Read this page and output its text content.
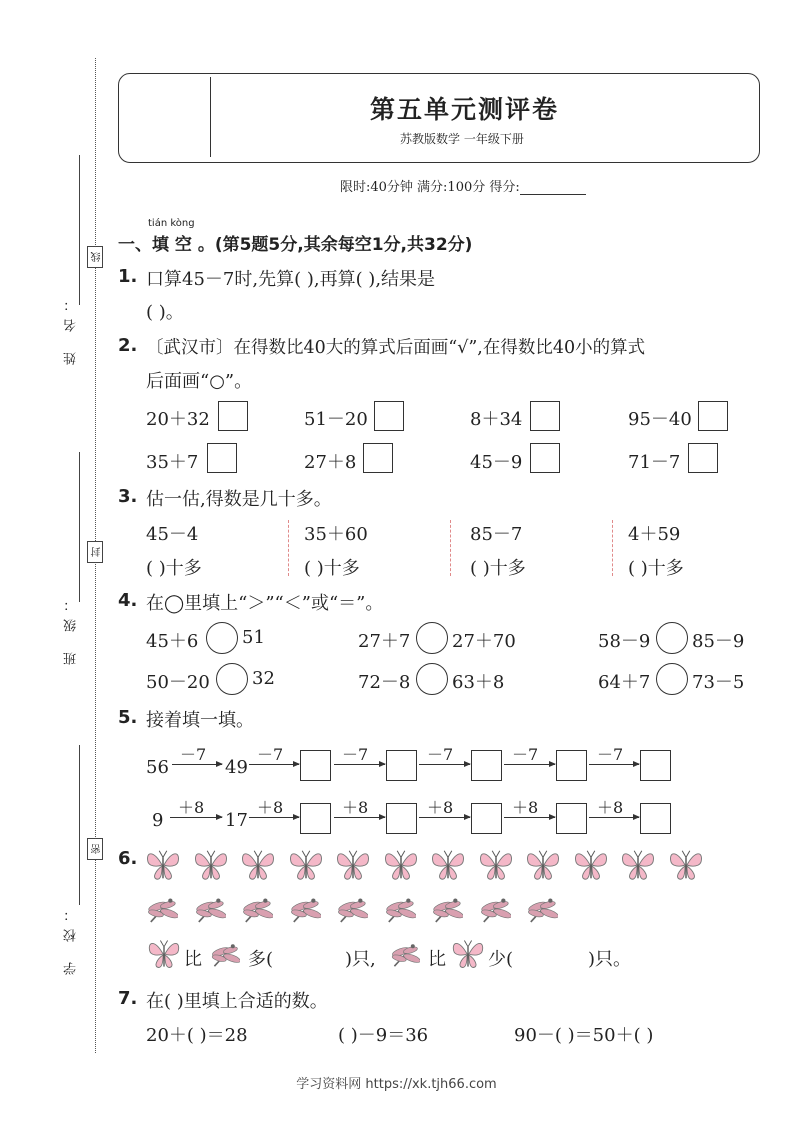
姓 名：
班 级：
学 校：
线
封
密
第五单元测评卷
苏教版数学 一年级下册
限时:40分钟 满分:100分 得分:
tián kòng
一、填 空 。(第5题5分,其余每空1分,共32分)
1. 口算45－7时,先算( ),再算( ),结果是
( )。
2. 〔武汉市〕在得数比40大的算式后面画“√”,在得数比40小的算式
后面画“○”。
20＋32	51－20	8＋34	95－40
35＋7	27＋8	45－9	71－7
3. 估一估,得数是几十多。
45－4	35＋60	85－7	4＋59
( )十多	( )十多	( )十多	( )十多
4. 在◯里填上“＞”“＜”或“＝”。
45＋6 51	27＋7 27＋70	58－9 85－9
50－20 32	72－8 63＋8	64＋7 73－5
5. 接着填一填。
56	49
－7	－7	－7	－7	－7	－7
9	17
＋8	＋8	＋8	＋8	＋8	＋8
6.
比	多(	)只,	比 少(	)只。
7. 在( )里填上合适的数。
20＋( )＝28	( )－9＝36	90－( )＝50＋( )
学习资料网 https://xk.tjh66.com
